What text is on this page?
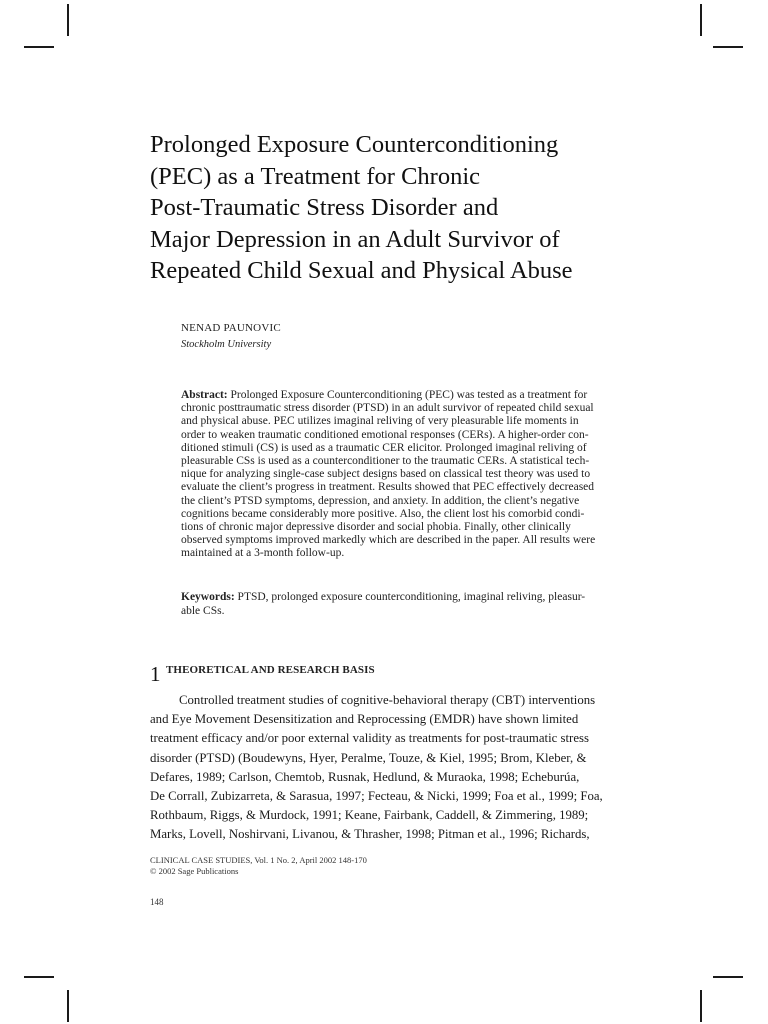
Prolonged Exposure Counterconditioning
(PEC) as a Treatment for Chronic
Post-Traumatic Stress Disorder and
Major Depression in an Adult Survivor of
Repeated Child Sexual and Physical Abuse
NENAD PAUNOVIC
Stockholm University
Abstract: Prolonged Exposure Counterconditioning (PEC) was tested as a treatment for
chronic posttraumatic stress disorder (PTSD) in an adult survivor of repeated child sexual
and physical abuse. PEC utilizes imaginal reliving of very pleasurable life moments in
order to weaken traumatic conditioned emotional responses (CERs). A higher-order con-
ditioned stimuli (CS) is used as a traumatic CER elicitor. Prolonged imaginal reliving of
pleasurable CSs is used as a counterconditioner to the traumatic CERs. A statistical tech-
nique for analyzing single-case subject designs based on classical test theory was used to
evaluate the client’s progress in treatment. Results showed that PEC effectively decreased
the client’s PTSD symptoms, depression, and anxiety. In addition, the client’s negative
cognitions became considerably more positive. Also, the client lost his comorbid condi-
tions of chronic major depressive disorder and social phobia. Finally, other clinically
observed symptoms improved markedly which are described in the paper. All results were
maintained at a 3-month follow-up.
Keywords: PTSD, prolonged exposure counterconditioning, imaginal reliving, pleasur-
able CSs.
1 THEORETICAL AND RESEARCH BASIS
Controlled treatment studies of cognitive-behavioral therapy (CBT) interventions
and Eye Movement Desensitization and Reprocessing (EMDR) have shown limited
treatment efficacy and/or poor external validity as treatments for post-traumatic stress
disorder (PTSD) (Boudewyns, Hyer, Peralme, Touze, & Kiel, 1995; Brom, Kleber, &
Defares, 1989; Carlson, Chemtob, Rusnak, Hedlund, & Muraoka, 1998; Echeburúa,
De Corrall, Zubizarreta, & Sarasua, 1997; Fecteau, & Nicki, 1999; Foa et al., 1999; Foa,
Rothbaum, Riggs, & Murdock, 1991; Keane, Fairbank, Caddell, & Zimmering, 1989;
Marks, Lovell, Noshirvani, Livanou, & Thrasher, 1998; Pitman et al., 1996; Richards,
CLINICAL CASE STUDIES, Vol. 1 No. 2, April 2002 148-170
© 2002 Sage Publications
148
